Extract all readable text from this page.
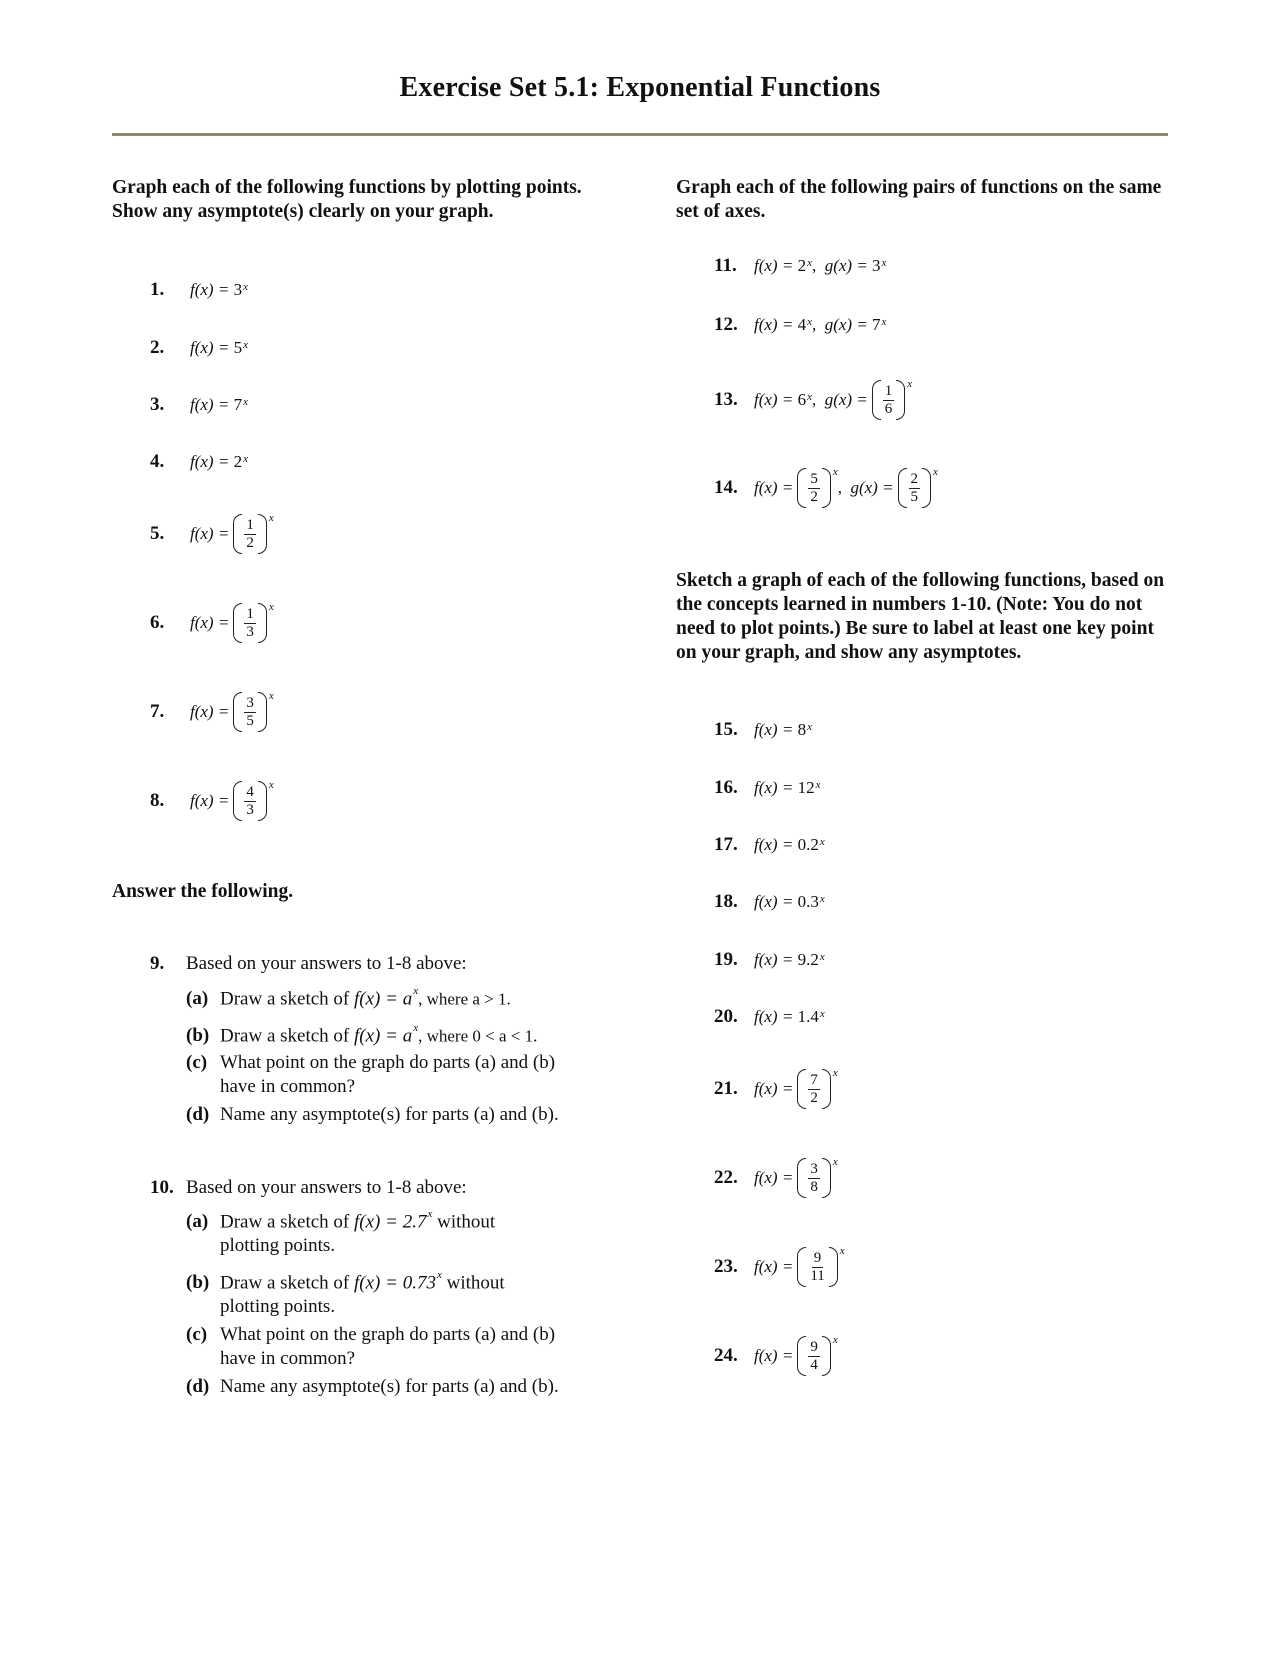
Exercise Set 5.1: Exponential Functions
Graph each of the following functions by plotting points. Show any asymptote(s) clearly on your graph.
1.	f(x) =
3$^x$
2.	f(x) =
5$^x$
3.	f(x) =
7$^x$
4.	f(x) =
2$^x$
5.	$f(x) = \frac{1}{2}$ x
6.	$f(x) = \frac{1}{3}$ x
7.	$f(x) = \frac{3}{5}$ x
8.	$f(x) = \frac{4}{3}$ x
Answer the following.
9. Based on your answers to 1-8 above:
(a) Draw a sketch of $f(x) = a^x$, where a > 1.
(b) Draw a sketch of $f(x) = a^x$, where 0 < a < 1.
(c) What point on the graph do parts (a) and (b)
have in common?
(d) Name any asymptote(s) for parts (a) and (b).
10. Based on your answers to 1-8 above:
(a) Draw a sketch of $f(x) = 2.7^x$ without
plotting points.
(b) Draw a sketch of $f(x) = 0.73^x$ without
plotting points.
(c) What point on the graph do parts (a) and (b)
have in common?
(d) Name any asymptote(s) for parts (a) and (b).
Graph each of the following pairs of functions on the same set of axes.
11.	f(x) =
2$^x$ , g(x) =
3$^x$
12. f(x) =
4$^x$ , g(x) =
7$^x$
13. f(x) =
6$^x$ , $g(x) = \frac{1}{6}$ x
14. $f(x) = \frac{5}{2}$ x
, $g(x) = \frac{2}{5}$ x
Sketch a graph of each of the following functions, based on the concepts learned in numbers 1-10. (Note: You do not need to plot points.) Be sure to label at least one key point on your graph, and show any asymptotes.
15. f(x) =
8$^x$
16. f(x) =
12$^x$
17. f(x) =
0.2$^x$
18. f(x) =
0.3$^x$
19. f(x) =
9.2$^x$
20. f(x) =
1.4$^x$
21. $f(x) = \frac{7}{2}$ x
22. $f(x) = \frac{3}{8}$ x
23. $f(x) = \frac{9}{11}$ x
24. $f(x) = \frac{9}{4}$ x
